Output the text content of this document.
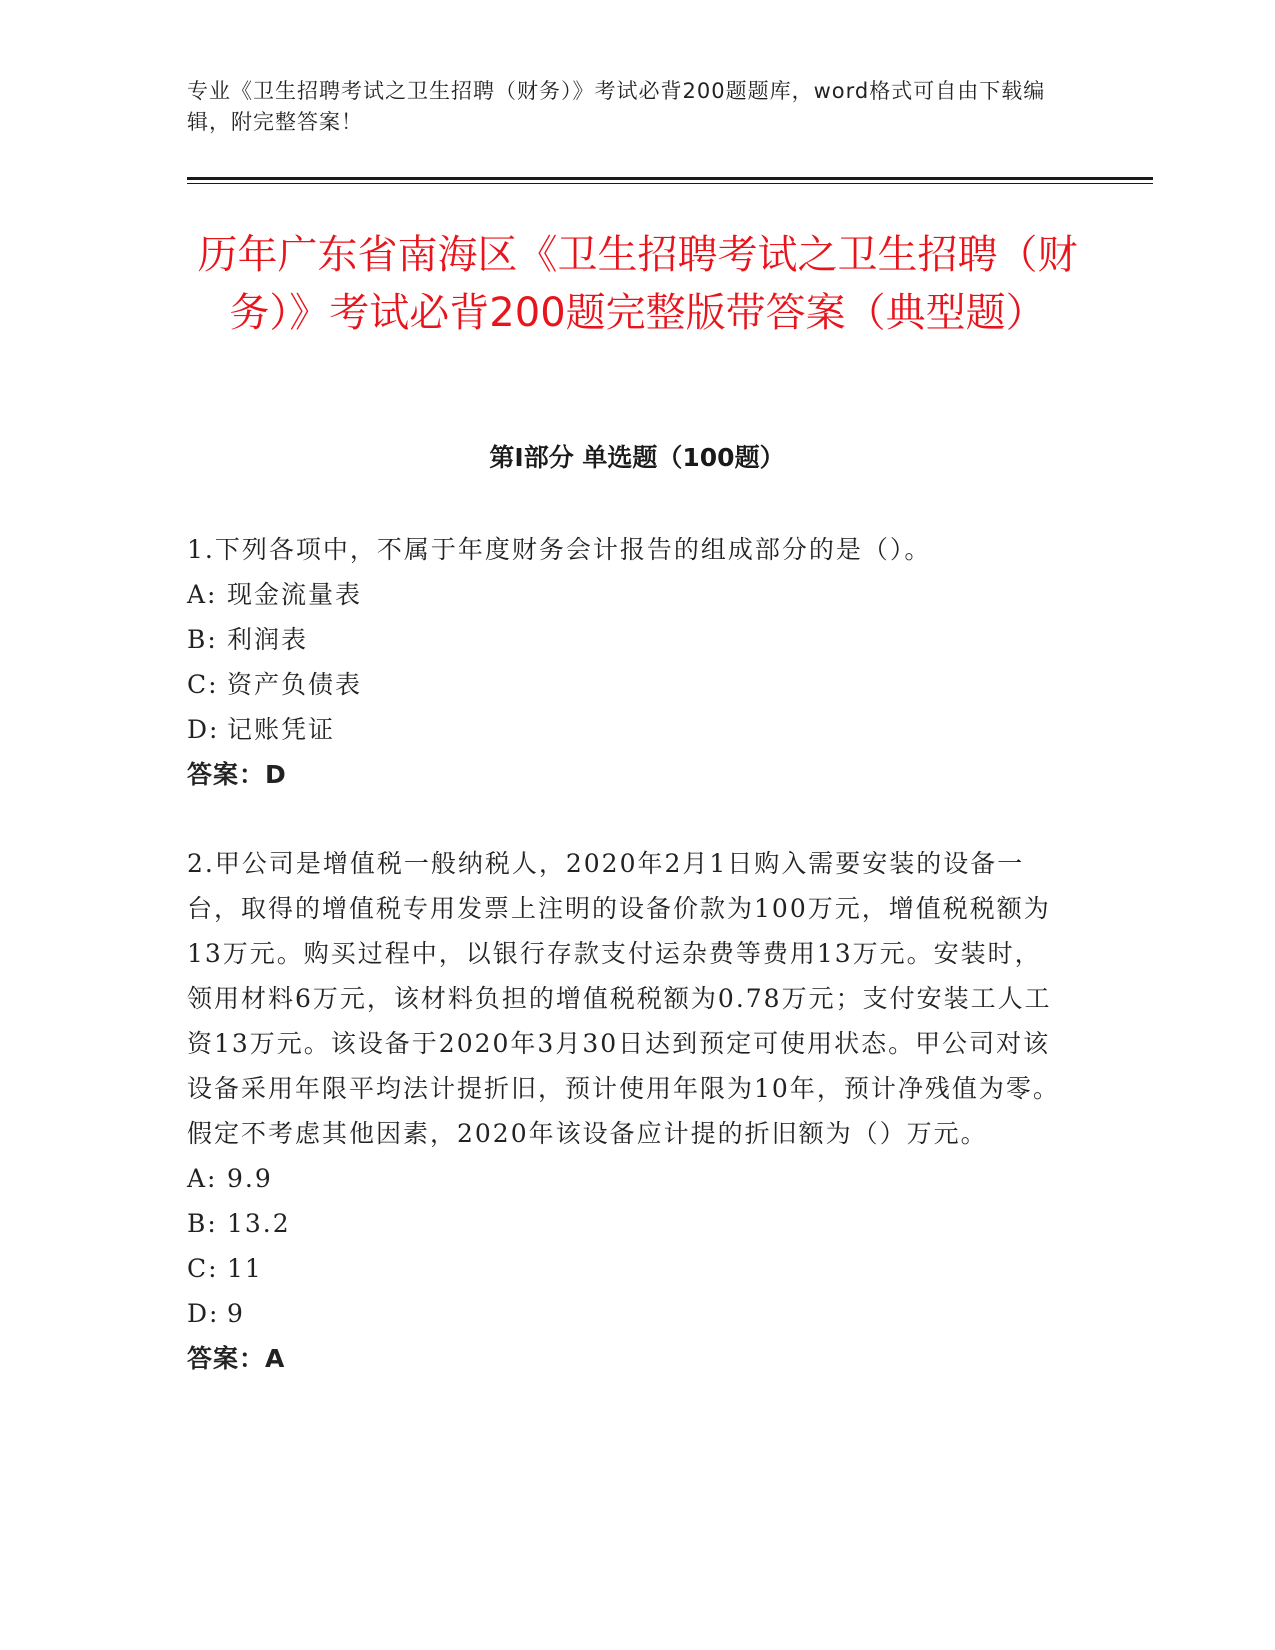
专业《卫生招聘考试之卫生招聘（财务）》考试必背200题题库，word格式可自由下载编辑，附完整答案！
历年广东省南海区《卫生招聘考试之卫生招聘（财务）》考试必背200题完整版带答案（典型题）
第Ⅰ部分 单选题（100题）

1.下列各项中，不属于年度财务会计报告的组成部分的是（）。

A: 现金流量表

B: 利润表

C: 资产负债表

D: 记账凭证

答案：D

2.甲公司是增值税一般纳税人，2020年2月1日购入需要安装的设备一台，取得的增值税专用发票上注明的设备价款为100万元，增值税税额为13万元。购买过程中，以银行存款支付运杂费等费用13万元。安装时，领用材料6万元，该材料负担的增值税税额为0.78万元；支付安装工人工资13万元。该设备于2020年3月30日达到预定可使用状态。甲公司对该设备采用年限平均法计提折旧，预计使用年限为10年，预计净残值为零。假定不考虑其他因素，2020年该设备应计提的折旧额为（）万元。

A: 9.9

B: 13.2

C: 11

D: 9

答案：A
